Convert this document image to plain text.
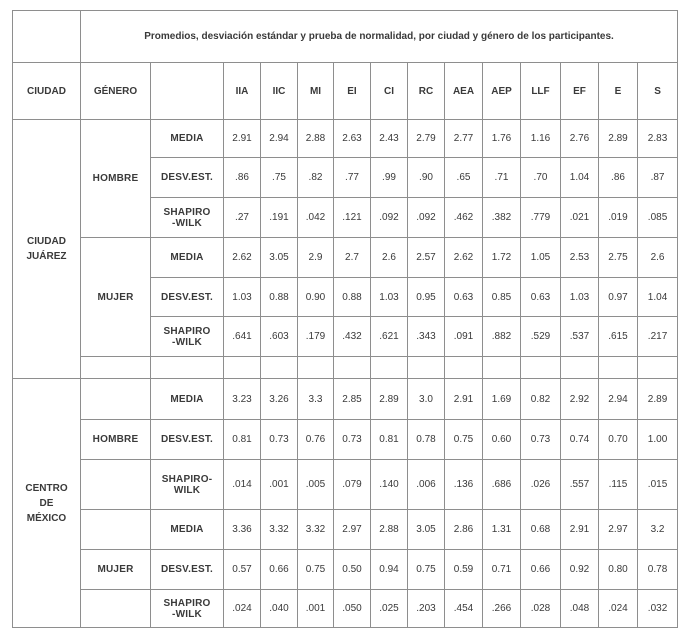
	Promedios, desviación estándar y prueba de normalidad, por ciudad y género de los participantes.													
CIUDAD	GÉNERO		IIA	IIC	MI	EI	CI	RC	AEA	AEP	LLF	EF	E	S

CIUDAD
JUÁREZ	HOMBRE	MEDIA	2.91	2.94	2.88	2.63	2.43	2.79	2.77	1.76	1.16	2.76	2.89	2.83
		DESV.EST.	.86	.75	.82	.77	.99	.90	.65	.71	.70	1.04	.86	.87

		SHAPIRO
-WILK	.27	.191	.042	.121	.092	.092	.462	.382	.779	.021	.019	.085
	MUJER	MEDIA	2.62	3.05	2.9	2.7	2.6	2.57	2.62	1.72	1.05	2.53	2.75	2.6
		DESV.EST.	1.03	0.88	0.90	0.88	1.03	0.95	0.63	0.85	0.63	1.03	0.97	1.04

		SHAPIRO
-WILK	.641	.603	.179	.432	.621	.343	.091	.882	.529	.537	.615	.217

CENTRO
DE
MÉXICO		MEDIA	3.23	3.26	3.3	2.85	2.89	3.0	2.91	1.69	0.82	2.92	2.94	2.89
	HOMBRE	DESV.EST.	0.81	0.73	0.76	0.73	0.81	0.78	0.75	0.60	0.73	0.74	0.70	1.00

		SHAPIRO-
WILK	.014	.001	.005	.079	.140	.006	.136	.686	.026	.557	.115	.015
		MEDIA	3.36	3.32	3.32	2.97	2.88	3.05	2.86	1.31	0.68	2.91	2.97	3.2
	MUJER	DESV.EST.	0.57	0.66	0.75	0.50	0.94	0.75	0.59	0.71	0.66	0.92	0.80	0.78

		SHAPIRO
-WILK	.024	.040	.001	.050	.025	.203	.454	.266	.028	.048	.024	.032
